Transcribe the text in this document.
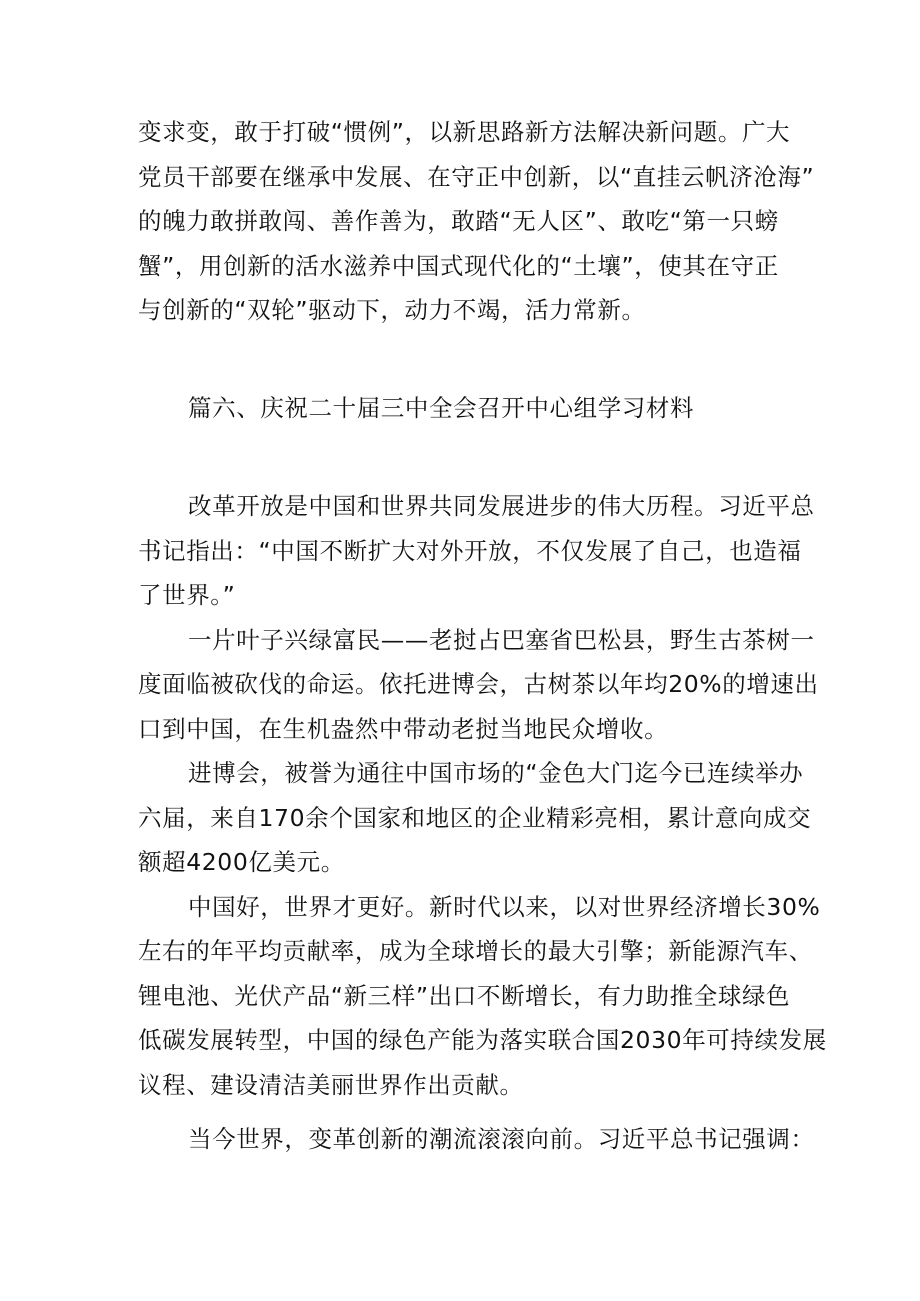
变求变，敢于打破“惯例”，以新思路新方法解决新问题。广大
党员干部要在继承中发展、在守正中创新，以“直挂云帆济沧海”
的魄力敢拼敢闯、善作善为，敢踏“无人区”、敢吃“第一只螃
蟹”，用创新的活水滋养中国式现代化的“土壤”，使其在守正
与创新的“双轮”驱动下，动力不竭，活力常新。
篇六、庆祝二十届三中全会召开中心组学习材料
改革开放是中国和世界共同发展进步的伟大历程。习近平总
书记指出：“中国不断扩大对外开放，不仅发展了自己，也造福
了世界。”
一片叶子兴绿富民——老挝占巴塞省巴松县，野生古茶树一
度面临被砍伐的命运。依托进博会，古树茶以年均20%的增速出
口到中国，在生机盎然中带动老挝当地民众增收。
进博会，被誉为通往中国市场的“金色大门迄今已连续举办
六届，来自170余个国家和地区的企业精彩亮相，累计意向成交
额超4200亿美元。
中国好，世界才更好。新时代以来，以对世界经济增长30%
左右的年平均贡献率，成为全球增长的最大引擎；新能源汽车、
锂电池、光伏产品“新三样”出口不断增长，有力助推全球绿色
低碳发展转型，中国的绿色产能为落实联合国2030年可持续发展
议程、建设清洁美丽世界作出贡献。
当今世界，变革创新的潮流滚滚向前。习近平总书记强调：
